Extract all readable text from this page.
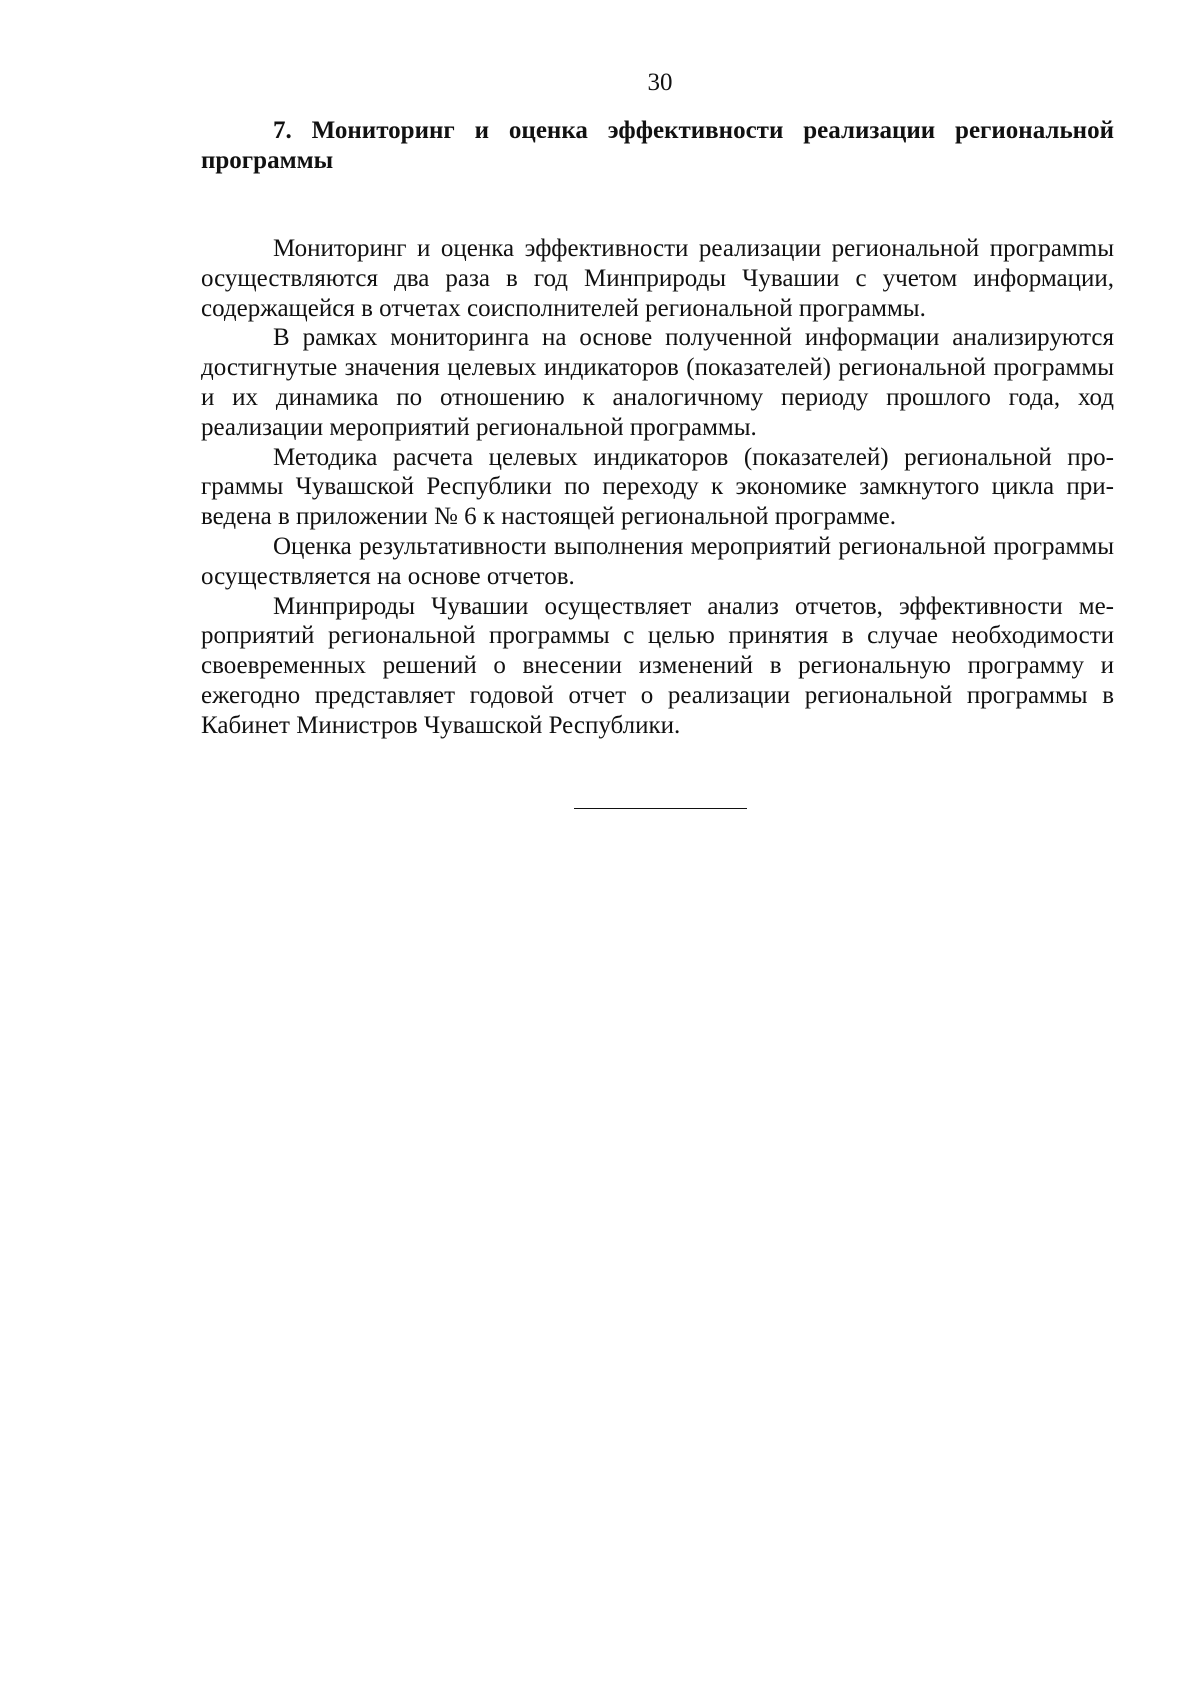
30
7. Мониторинг и оценка эффективности реализации региональной программы

Мониторинг и оценка эффективности реализации региональной програмmы осуществляются два раза в год Минприроды Чувашии с учетом информации, содержащейся в отчетах соисполнителей региональной программы.

В рамках мониторинга на основе полученной информации анализируются достигнутые значения целевых индикаторов (показателей) региональной программы и их динамика по отношению к аналогичному периоду прошлого года, ход реализации мероприятий региональной программы.

Методика расчета целевых индикаторов (показателей) региональной программы Чувашской Республики по переходу к экономике замкнутого цикла приведена в приложении № 6 к настоящей региональной программе.

Оценка результативности выполнения мероприятий региональной программы осуществляется на основе отчетов.

Минприроды Чувашии осуществляет анализ отчетов, эффективности мероприятий региональной программы с целью принятия в случае необходимости своевременных решений о внесении изменений в региональную программу и ежегодно представляет годовой отчет о реализации региональной программы в Кабинет Министров Чувашской Республики.
